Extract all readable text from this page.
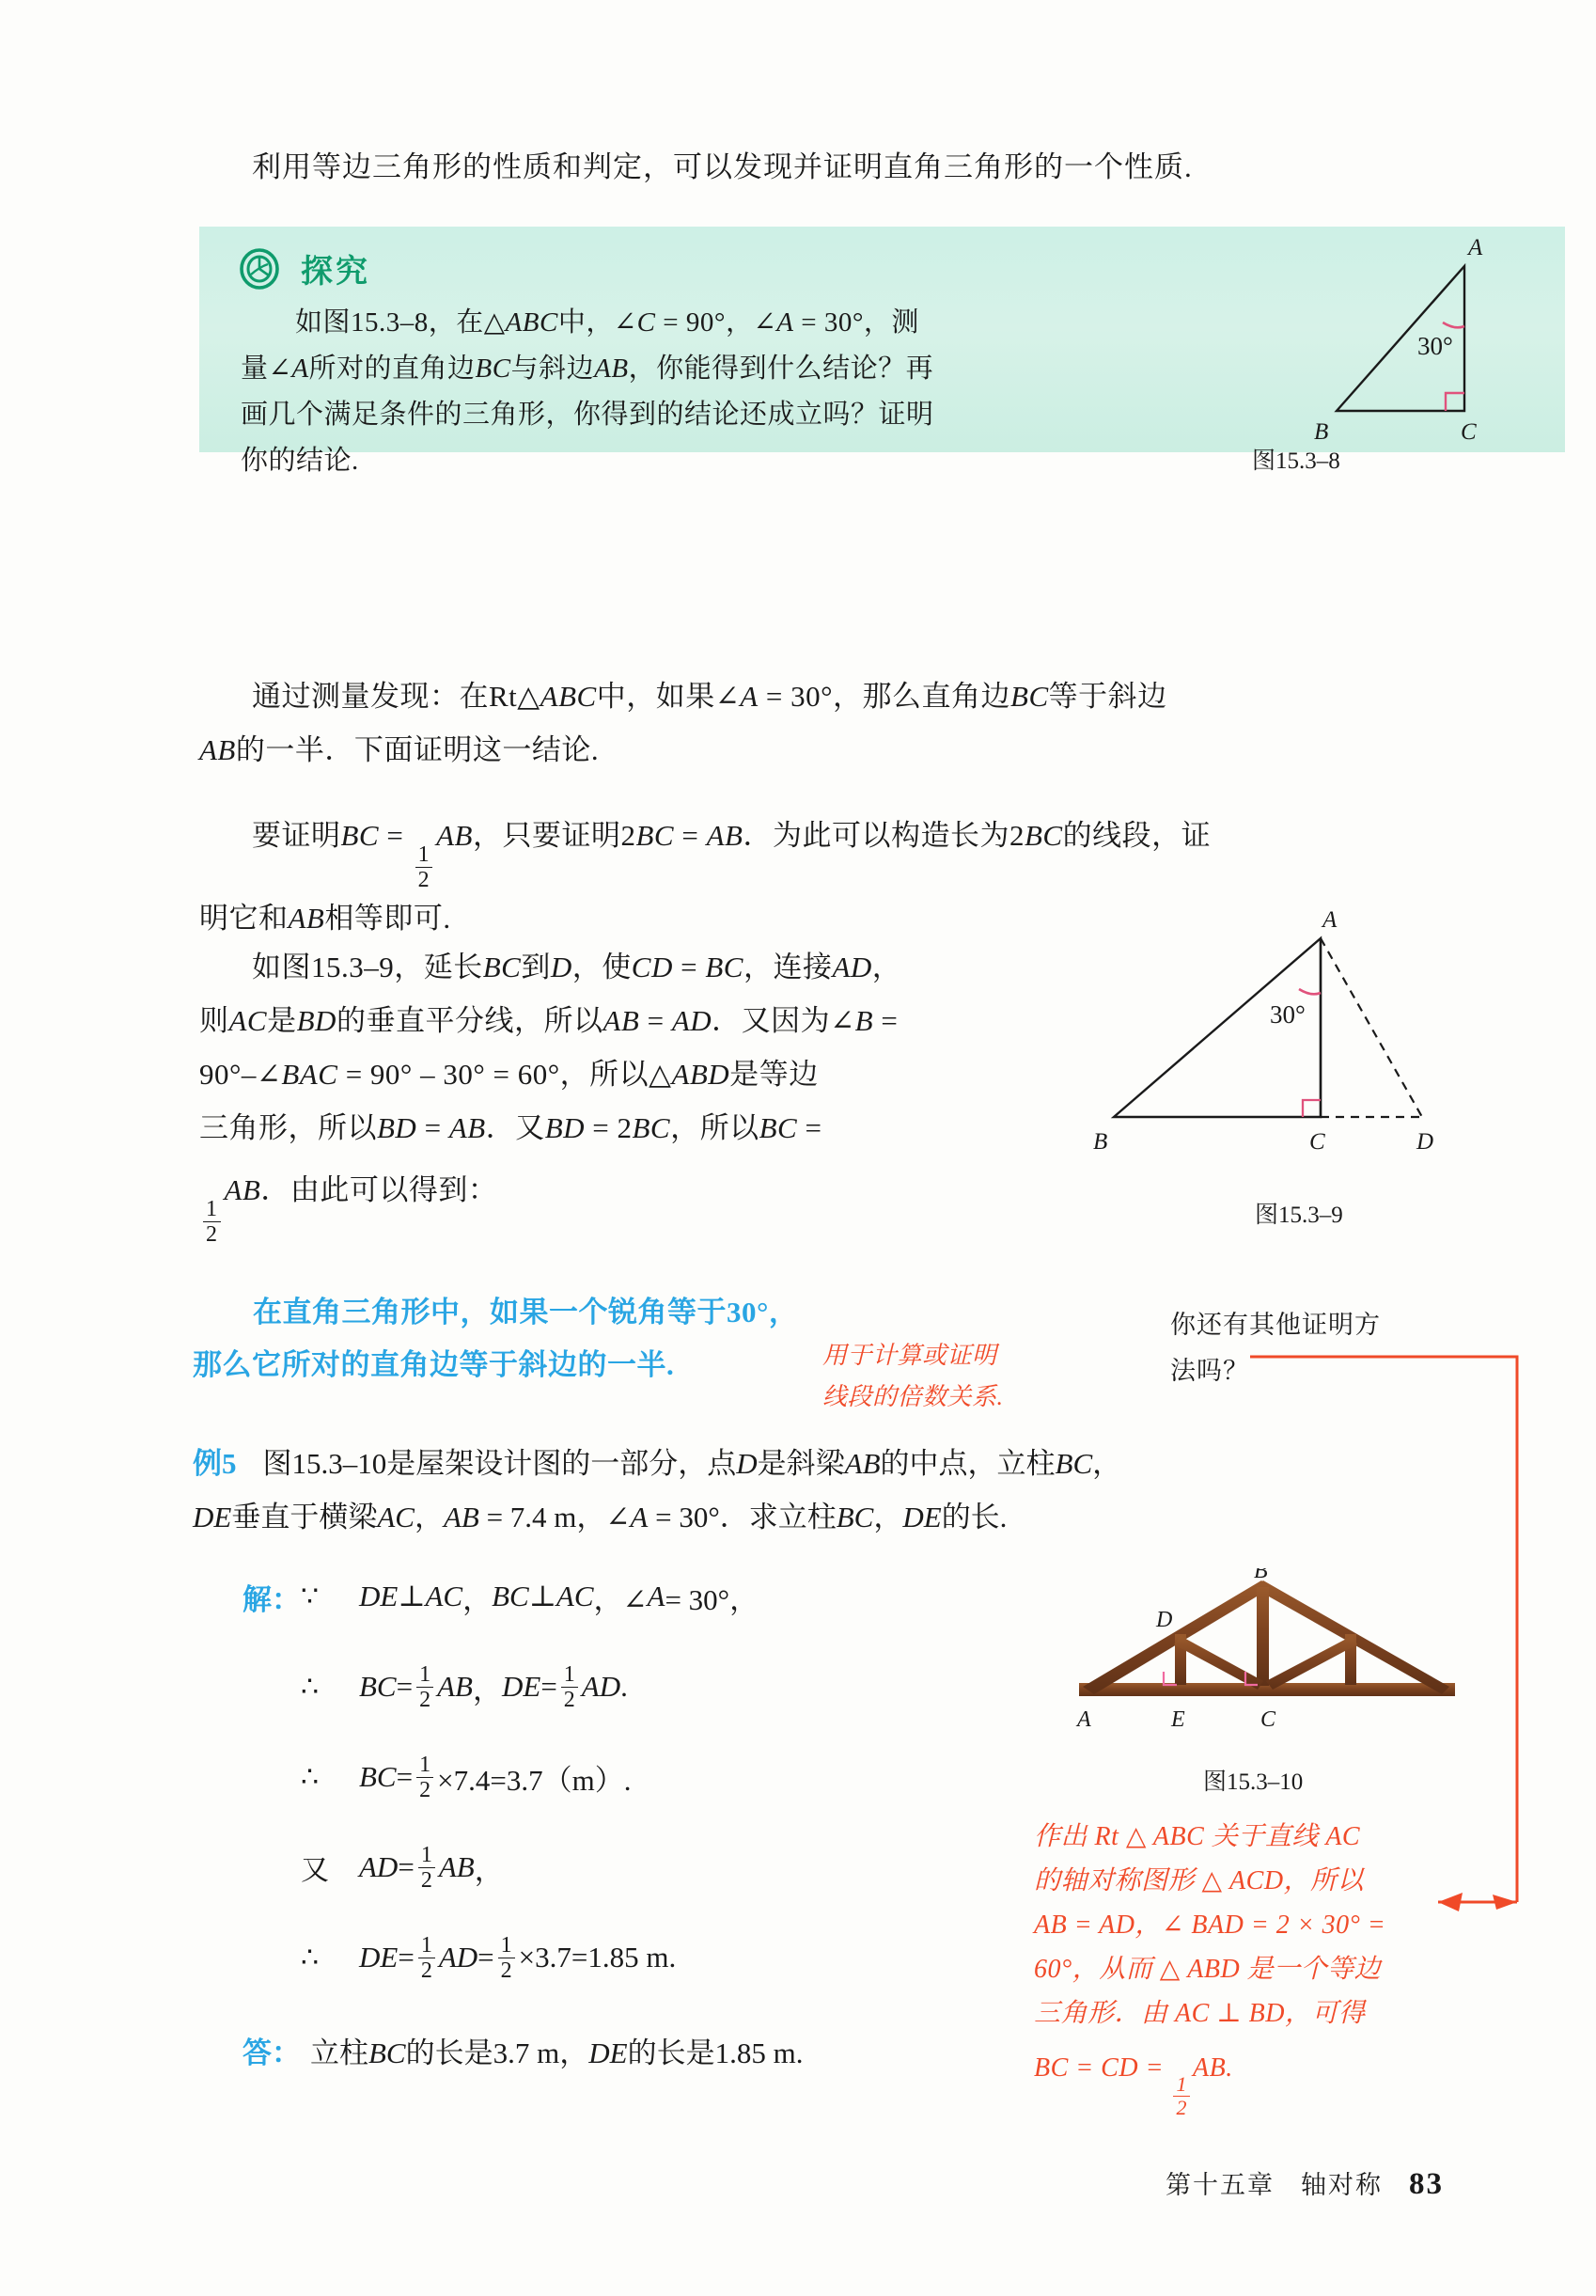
利用等边三角形的性质和判定，可以发现并证明直角三角形的一个性质.
探究

如图15.3–8，在△ABC中，∠C = 90°，∠A = 30°，测

量∠A所对的直角边BC与斜边AB，你能得到什么结论？再

画几个满足条件的三角形，你得到的结论还成立吗？证明

你的结论.

A
B	C
30°
图15.3–8
通过测量发现：在Rt△ABC中，如果∠A = 30°，那么直角边BC等于斜边
AB的一半．下面证明这一结论.
要证明BC =
$\frac{1}{2}$
AB，只要证明2BC = AB．为此可以构造长为2BC的线段，证
明它和AB相等即可.
如图15.3–9，延长BC到D，使CD = BC，连接AD，
则AC是BD的垂直平分线，所以AB = AD．又因为∠B =
90°–∠BAC = 90° – 30° = 60°，所以△ABD是等边
三角形，所以BD = AB．又BD = 2BC，所以BC =
$\frac{1}{2}$
AB．由此可以得到：
A
B	C	D
30°
图15.3–9
在直角三角形中，如果一个锐角等于30°，
那么它所对的直角边等于斜边的一半.
你还有其他证明方
法吗？
用于计算或证明
线段的倍数关系.
例5 图15.3–10是屋架设计图的一部分，点D是斜梁AB的中点，立柱BC，
DE垂直于横梁AC，AB = 7.4 m，∠A = 30°．求立柱BC，DE的长.
解： ∵	DE ⊥ AC ， BC ⊥ AC ，∠ A = 30°，
∴	BC = $\frac{1}{2}$ AB ， DE = $\frac{1}{2}$ AD .
∴	BC = $\frac{1}{2} \times 7.4=3.7(m)$.
又	AD = $\frac{1}{2}$ AB ，
∴	DE = $\frac{1}{2}$ AD = $\frac{1}{2} \times 3.7=1.85$ m.
答： 立柱BC的长是3.7 m，DE的长是1.85 m.
A	E	C
D
B
图15.3–10
作出 Rt △ ABC 关于直线 AC
的轴对称图形 △ ACD，所以
AB = AD，∠ BAD = 2 × 30° =
60°，从而 △ ABD 是一个等边
三角形．由 AC ⊥ BD，可得
BC = CD =
$\frac{1}{2}$
AB.
第十五章 轴对称 83
